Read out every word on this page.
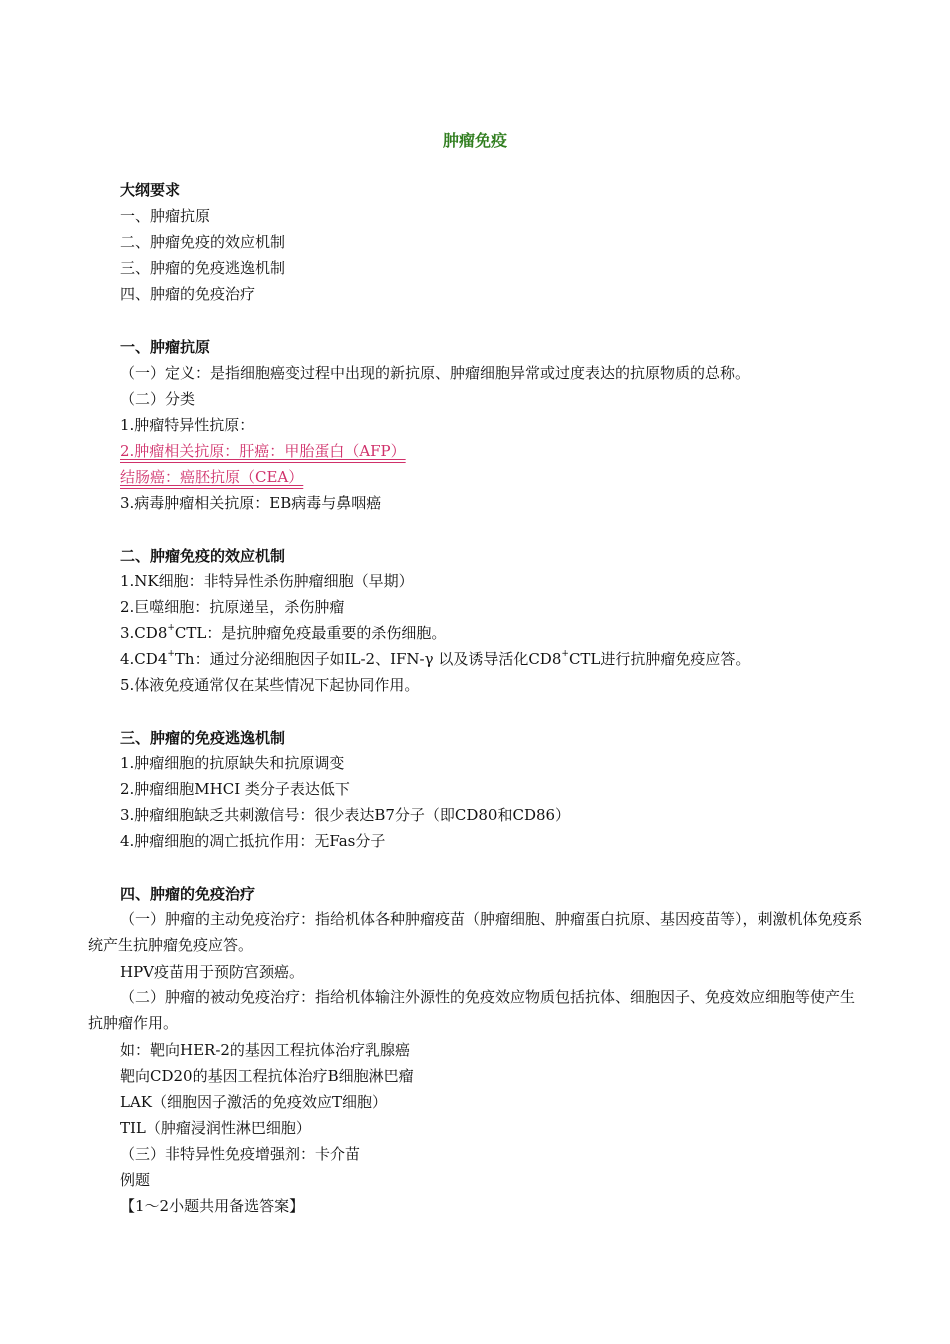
肿瘤免疫
大纲要求
一、肿瘤抗原
二、肿瘤免疫的效应机制
三、肿瘤的免疫逃逸机制
四、肿瘤的免疫治疗
一、肿瘤抗原
（一）定义：是指细胞癌变过程中出现的新抗原、肿瘤细胞异常或过度表达的抗原物质的总称。
（二）分类
1.肿瘤特异性抗原：
2.肿瘤相关抗原：肝癌：甲胎蛋白（AFP）
结肠癌：癌胚抗原（CEA）
3.病毒肿瘤相关抗原：EB病毒与鼻咽癌
二、肿瘤免疫的效应机制
1.NK细胞：非特异性杀伤肿瘤细胞（早期）
2.巨噬细胞：抗原递呈，杀伤肿瘤
3.CD8+CTL：是抗肿瘤免疫最重要的杀伤细胞。
4.CD4+Th：通过分泌细胞因子如IL-2、IFN-γ 以及诱导活化CD8+CTL进行抗肿瘤免疫应答。
5.体液免疫通常仅在某些情况下起协同作用。
三、肿瘤的免疫逃逸机制
1.肿瘤细胞的抗原缺失和抗原调变
2.肿瘤细胞MHCⅠ 类分子表达低下
3.肿瘤细胞缺乏共刺激信号：很少表达B7分子（即CD80和CD86）
4.肿瘤细胞的凋亡抵抗作用：无Fas分子
四、肿瘤的免疫治疗
（一）肿瘤的主动免疫治疗：指给机体各种肿瘤疫苗（肿瘤细胞、肿瘤蛋白抗原、基因疫苗等），刺激机体免疫系统产生抗肿瘤免疫应答。
HPV疫苗用于预防宫颈癌。
（二）肿瘤的被动免疫治疗：指给机体输注外源性的免疫效应物质包括抗体、细胞因子、免疫效应细胞等使产生抗肿瘤作用。
如：靶向HER-2的基因工程抗体治疗乳腺癌
靶向CD20的基因工程抗体治疗B细胞淋巴瘤
LAK（细胞因子激活的免疫效应T细胞）
TIL（肿瘤浸润性淋巴细胞）
（三）非特异性免疫增强剂：卡介苗
例题
【1～2小题共用备选答案】
